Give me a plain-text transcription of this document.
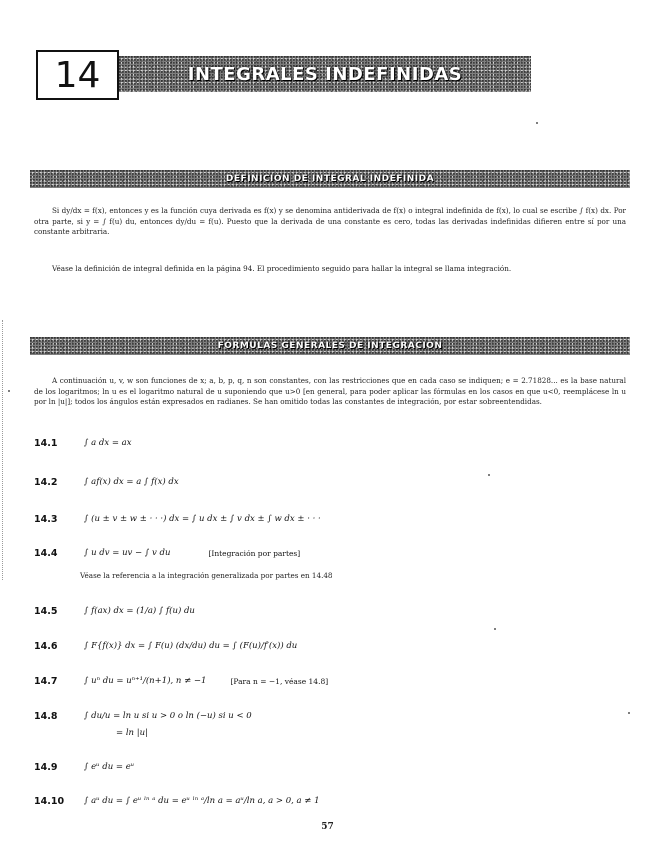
14	INTEGRALES INDEFINIDAS
DEFINICIÓN DE INTEGRAL INDEFINIDA
Si dy/dx = f(x), entonces y es la función cuya derivada es f(x) y se denomina antiderivada de f(x) o integral indefinida de f(x), lo cual se escribe ∫ f(x) dx. Por otra parte, si y = ∫ f(u) du, entonces dy/du = f(u). Puesto que la derivada de una constante es cero, todas las derivadas indefinidas difieren entre sí por una constante arbitraria.
Véase la definición de integral definida en la página 94. El procedimiento seguido para hallar la integral se llama integración.
FÓRMULAS GENERALES DE INTEGRACIÓN
A continuación u, v, w son funciones de x; a, b, p, q, n son constantes, con las restricciones que en cada caso se indiquen; e = 2.71828... es la base natural de los logaritmos; ln u es el logaritmo natural de u suponiendo que u>0 [en general, para poder aplicar las fórmulas en los casos en que u<0, reemplácese ln u por ln |u|]; todos los ángulos están expresados en radianes. Se han omitido todas las constantes de integración, por estar sobreentendidas.
14.1	∫ a dx = ax
14.2	∫ af(x) dx = a ∫ f(x) dx
14.3	∫ (u ± v ± w ± · · ·) dx = ∫ u dx ± ∫ v dx ± ∫ w dx ± · · ·
14.4	∫ u dv = uv − ∫ v du	[Integración por partes]
Véase la referencia a la integración generalizada por partes en 14.48
14.5	∫ f(ax) dx = (1/a) ∫ f(u) du
14.6	∫ F{f(x)} dx = ∫ F(u) (dx/du) du = ∫ (F(u)/f′(x)) du
14.7	∫ uⁿ du = uⁿ⁺¹/(n+1), n ≠ −1	[Para n = −1, véase 14.8]
14.8	∫ du/u = ln u si u > 0 o ln (−u) si u < 0
= ln |u|
14.9	∫ eᵘ du = eᵘ
14.10	∫ aᵘ du = ∫ eᵘ ˡⁿ ᵃ du = eᵘ ˡⁿ ᵃ/ln a = aᵘ/ln a, a > 0, a ≠ 1
57
